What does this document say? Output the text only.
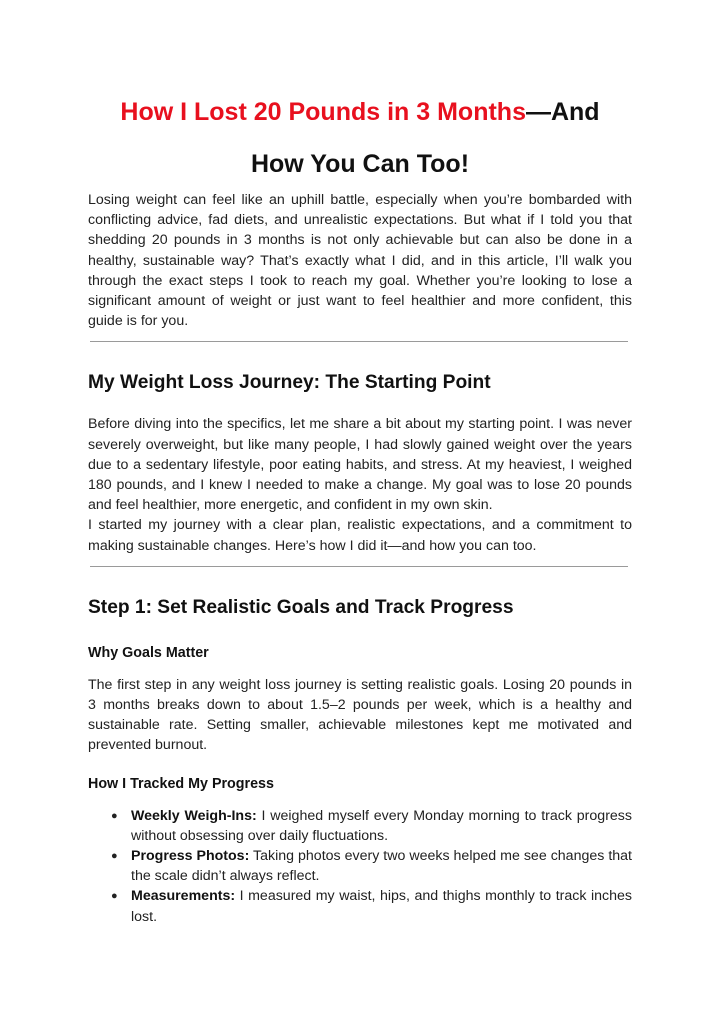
How I Lost 20 Pounds in 3 Months—And
How You Can Too!

Losing weight can feel like an uphill battle, especially when you’re bombarded with conflicting advice, fad diets, and unrealistic expectations. But what if I told you that shedding 20 pounds in 3 months is not only achievable but can also be done in a healthy, sustainable way? That’s exactly what I did, and in this article, I’ll walk you through the exact steps I took to reach my goal. Whether you’re looking to lose a significant amount of weight or just want to feel healthier and more confident, this guide is for you.

My Weight Loss Journey: The Starting Point

Before diving into the specifics, let me share a bit about my starting point. I was never severely overweight, but like many people, I had slowly gained weight over the years due to a sedentary lifestyle, poor eating habits, and stress. At my heaviest, I weighed 180 pounds, and I knew I needed to make a change. My goal was to lose 20 pounds and feel healthier, more energetic, and confident in my own skin.

I started my journey with a clear plan, realistic expectations, and a commitment to making sustainable changes. Here’s how I did it—and how you can too.

Step 1: Set Realistic Goals and Track Progress
Why Goals Matter

The first step in any weight loss journey is setting realistic goals. Losing 20 pounds in 3 months breaks down to about 1.5–2 pounds per week, which is a healthy and sustainable rate. Setting smaller, achievable milestones kept me motivated and prevented burnout.

How I Tracked My Progress
● Weekly Weigh-Ins: I weighed myself every Monday morning to track progress without obsessing over daily fluctuations.
● Progress Photos: Taking photos every two weeks helped me see changes that the scale didn’t always reflect.
● Measurements: I measured my waist, hips, and thighs monthly to track inches lost.
